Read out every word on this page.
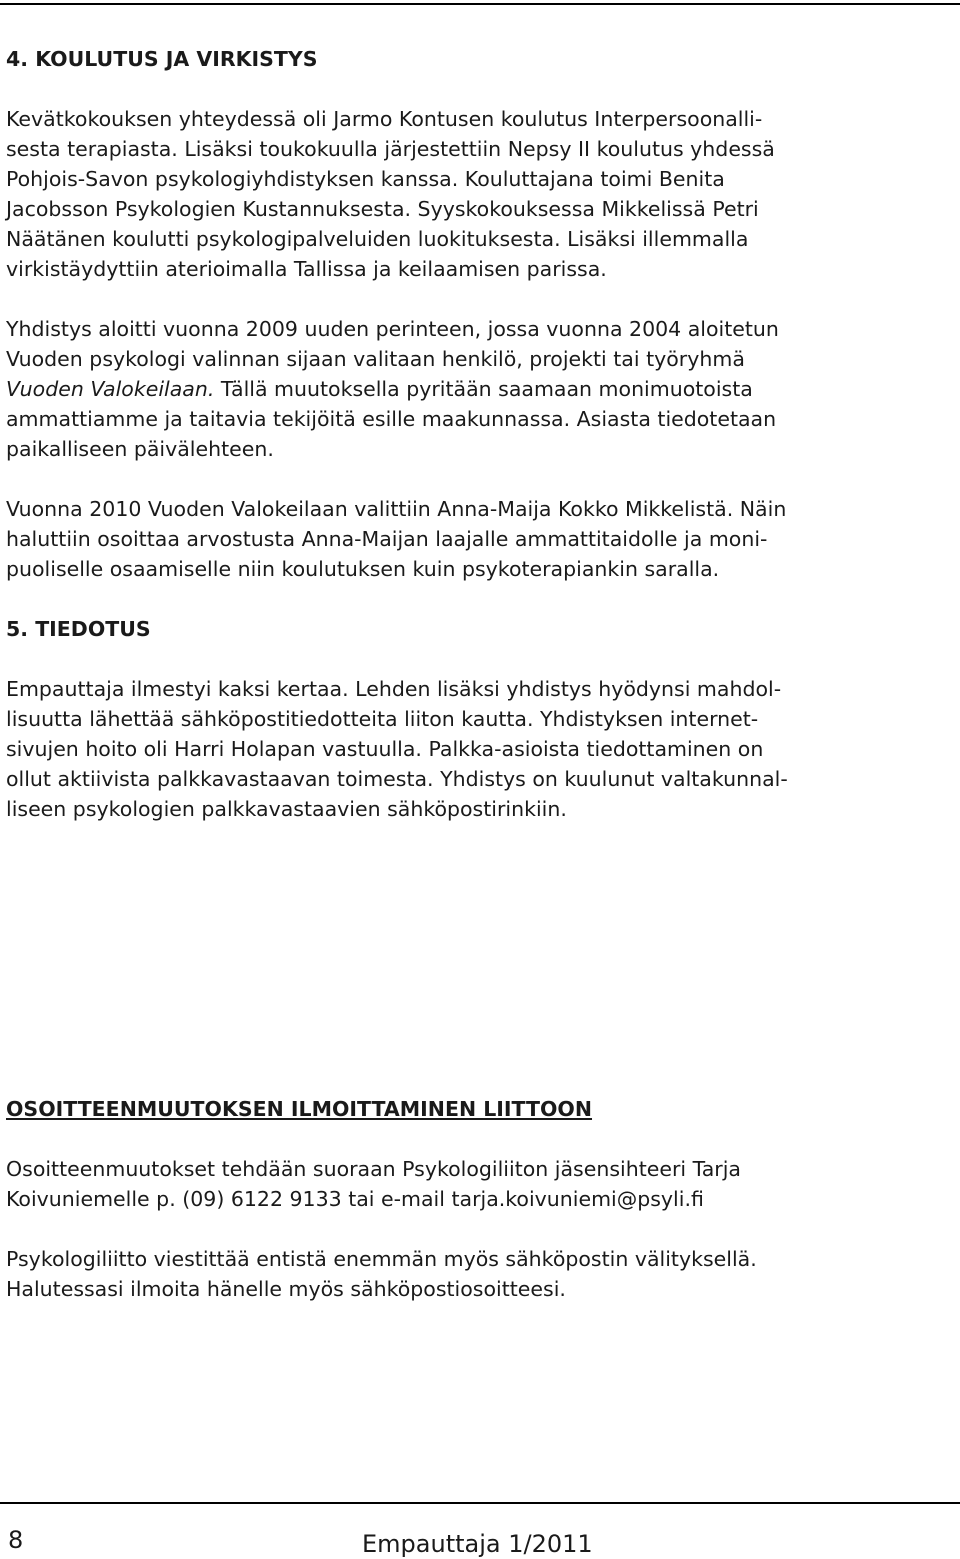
4. KOULUTUS JA VIRKISTYS

Kevätkokouksen yhteydessä oli Jarmo Kontusen koulutus Interpersoonalli-
sesta terapiasta. Lisäksi toukokuulla järjestettiin Nepsy II koulutus yhdessä
Pohjois-Savon psykologiyhdistyksen kanssa. Kouluttajana toimi Benita
Jacobsson Psykologien Kustannuksesta. Syyskokouksessa Mikkelissä Petri
Näätänen koulutti psykologipalveluiden luokituksesta. Lisäksi illemmalla
virkistäydyttiin aterioimalla Tallissa ja keilaamisen parissa.

Yhdistys aloitti vuonna 2009 uuden perinteen, jossa vuonna 2004 aloitetun
Vuoden psykologi valinnan sijaan valitaan henkilö, projekti tai työryhmä
Vuoden Valokeilaan. Tällä muutoksella pyritään saamaan monimuotoista
ammattiamme ja taitavia tekijöitä esille maakunnassa. Asiasta tiedotetaan
paikalliseen päivälehteen.

Vuonna 2010 Vuoden Valokeilaan valittiin Anna-Maija Kokko Mikkelistä. Näin
haluttiin osoittaa arvostusta Anna-Maijan laajalle ammattitaidolle ja moni-
puoliselle osaamiselle niin koulutuksen kuin psykoterapiankin saralla.

5. TIEDOTUS

Empauttaja ilmestyi kaksi kertaa. Lehden lisäksi yhdistys hyödynsi mahdol-
lisuutta lähettää sähköpostitiedotteita liiton kautta. Yhdistyksen internet-
sivujen hoito oli Harri Holapan vastuulla. Palkka-asioista tiedottaminen on
ollut aktiivista palkkavastaavan toimesta. Yhdistys on kuulunut valtakunnal-
liseen psykologien palkkavastaavien sähköpostirinkiin.

OSOITTEENMUUTOKSEN ILMOITTAMINEN LIITTOON

Osoitteenmuutokset tehdään suoraan Psykologiliiton jäsensihteeri Tarja
Koivuniemelle p. (09) 6122 9133 tai e-mail tarja.koivuniemi@psyli.fi

Psykologiliitto viestittää entistä enemmän myös sähköpostin välityksellä.
Halutessasi ilmoita hänelle myös sähköpostiosoitteesi.

8	Empauttaja 1/2011
